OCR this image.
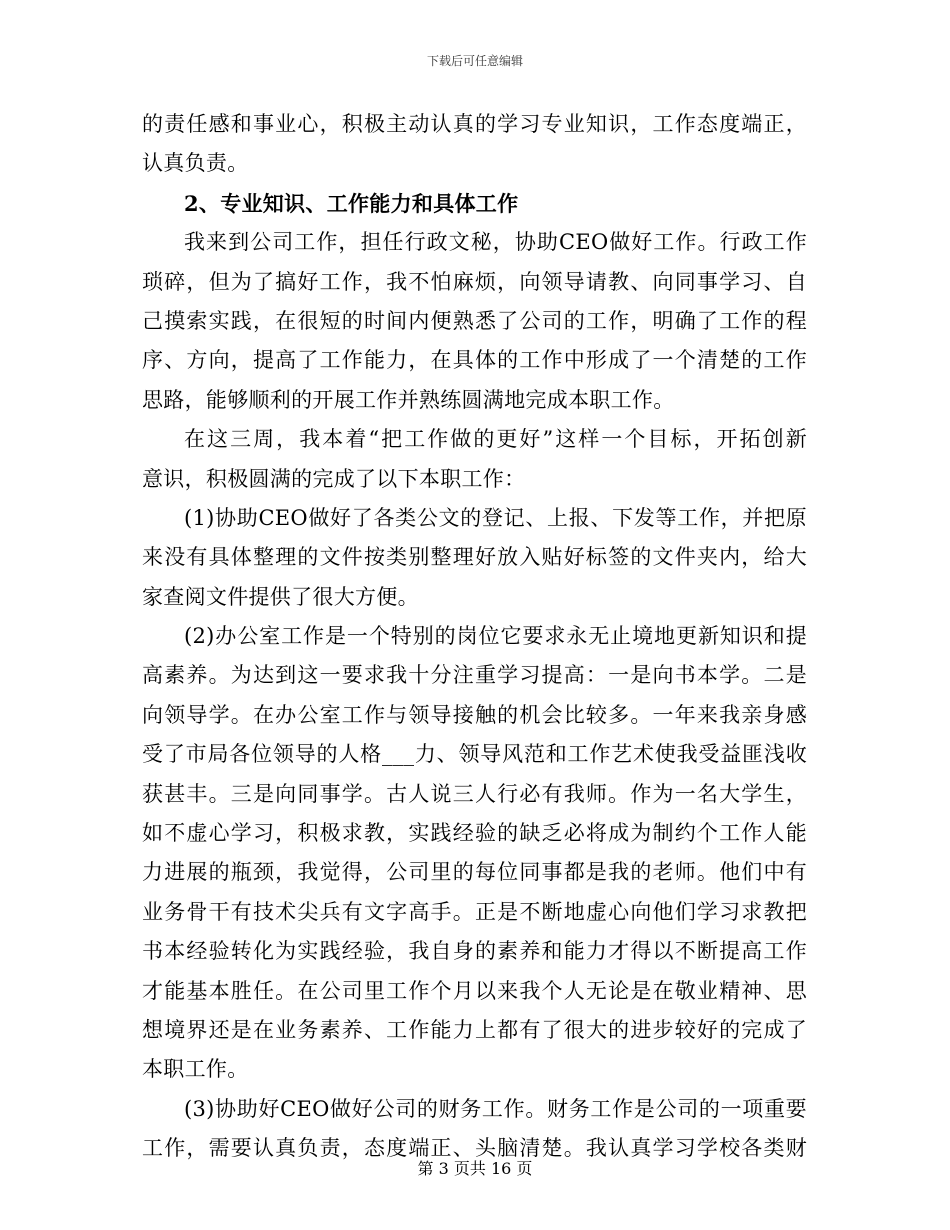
下载后可任意编辑
的责任感和事业心，积极主动认真的学习专业知识，工作态度端正，
认真负责。
2、专业知识、工作能力和具体工作
我来到公司工作，担任行政文秘，协助CEO做好工作。行政工作
琐碎，但为了搞好工作，我不怕麻烦，向领导请教、向同事学习、自
己摸索实践，在很短的时间内便熟悉了公司的工作，明确了工作的程
序、方向，提高了工作能力，在具体的工作中形成了一个清楚的工作
思路，能够顺利的开展工作并熟练圆满地完成本职工作。
在这三周，我本着“把工作做的更好”这样一个目标，开拓创新
意识，积极圆满的完成了以下本职工作：
(1)协助CEO做好了各类公文的登记、上报、下发等工作，并把原
来没有具体整理的文件按类别整理好放入贴好标签的文件夹内，给大
家查阅文件提供了很大方便。
(2)办公室工作是一个特别的岗位它要求永无止境地更新知识和提
高素养。为达到这一要求我十分注重学习提高：一是向书本学。二是
向领导学。在办公室工作与领导接触的机会比较多。一年来我亲身感
受了市局各位领导的人格___力、领导风范和工作艺术使我受益匪浅收
获甚丰。三是向同事学。古人说三人行必有我师。作为一名大学生，
如不虚心学习，积极求教，实践经验的缺乏必将成为制约个工作人能
力进展的瓶颈，我觉得，公司里的每位同事都是我的老师。他们中有
业务骨干有技术尖兵有文字高手。正是不断地虚心向他们学习求教把
书本经验转化为实践经验，我自身的素养和能力才得以不断提高工作
才能基本胜任。在公司里工作个月以来我个人无论是在敬业精神、思
想境界还是在业务素养、工作能力上都有了很大的进步较好的完成了
本职工作。
(3)协助好CEO做好公司的财务工作。财务工作是公司的一项重要
工作，需要认真负责，态度端正、头脑清楚。我认真学习学校各类财
第 3 页共 16 页
